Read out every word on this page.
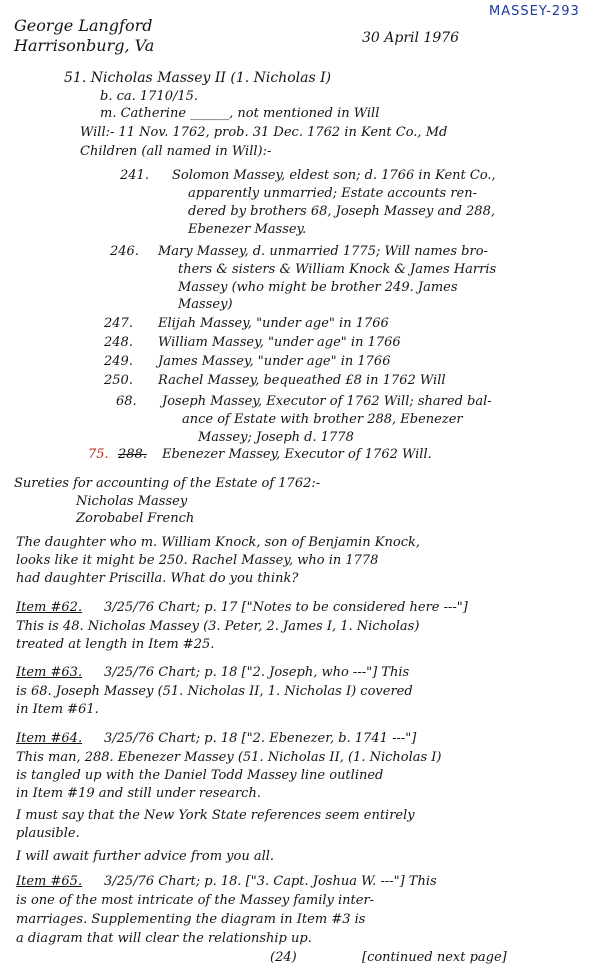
MASSEY-293
George Langford
Harrisonburg, Va	30 April 1976
51. Nicholas Massey II (1. Nicholas I)
b. ca. 1710/15.
m. Catherine ______, not mentioned in Will
Will:- 11 Nov. 1762, prob. 31 Dec. 1762 in Kent Co., Md
Children (all named in Will):-
241. Solomon Massey, eldest son; d. 1766 in Kent Co.,
apparently unmarried; Estate accounts ren-
dered by brothers 68, Joseph Massey and 288,
Ebenezer Massey.
246. Mary Massey, d. unmarried 1775; Will names bro-
thers & sisters & William Knock & James Harris
Massey (who might be brother 249. James
Massey)
247. Elijah Massey, "under age" in 1766
248. William Massey, "under age" in 1766
249. James Massey, "under age" in 1766
250. Rachel Massey, bequeathed £8 in 1762 Will
68. Joseph Massey, Executor of 1762 Will; shared bal-
ance of Estate with brother 288, Ebenezer
Massey; Joseph d. 1778
75. 288. Ebenezer Massey, Executor of 1762 Will.
Sureties for accounting of the Estate of 1762:-
Nicholas Massey
Zorobabel French
The daughter who m. William Knock, son of Benjamin Knock,
looks like it might be 250. Rachel Massey, who in 1778
had daughter Priscilla. What do you think?
Item #62. 3/25/76 Chart; p. 17 ["Notes to be considered here ---"]
This is 48. Nicholas Massey (3. Peter, 2. James I, 1. Nicholas)
treated at length in Item #25.
Item #63. 3/25/76 Chart; p. 18 ["2. Joseph, who ---"] This
is 68. Joseph Massey (51. Nicholas II, 1. Nicholas I) covered
in Item #61.
Item #64. 3/25/76 Chart; p. 18 ["2. Ebenezer, b. 1741 ---"]
This man, 288. Ebenezer Massey (51. Nicholas II, (1. Nicholas I)
is tangled up with the Daniel Todd Massey line outlined
in Item #19 and still under research.
I must say that the New York State references seem entirely
plausible.
I will await further advice from you all.
Item #65. 3/25/76 Chart; p. 18. ["3. Capt. Joshua W. ---"] This
is one of the most intricate of the Massey family inter-
marriages. Supplementing the diagram in Item #3 is
a diagram that will clear the relationship up.
(24)	[continued next page]
